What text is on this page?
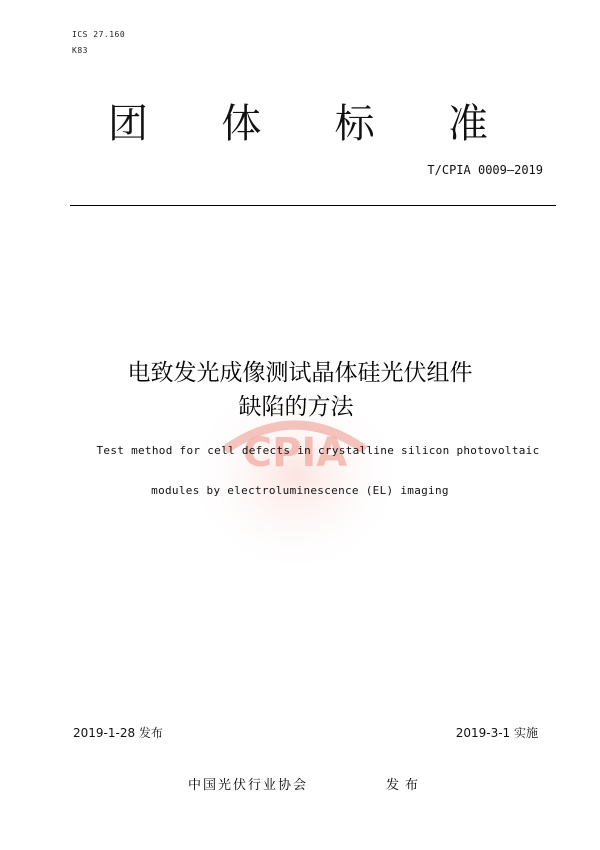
ICS 27.160
K83
团 体 标 准
T/CPIA 0009—2019
CPIA
电致发光成像测试晶体硅光伏组件
缺陷的方法
Test method for cell defects in crystalline silicon photovoltaic
modules by electroluminescence (EL) imaging
2019-1-28 发布	2019-3-1 实施
中国光伏行业协会	发布
